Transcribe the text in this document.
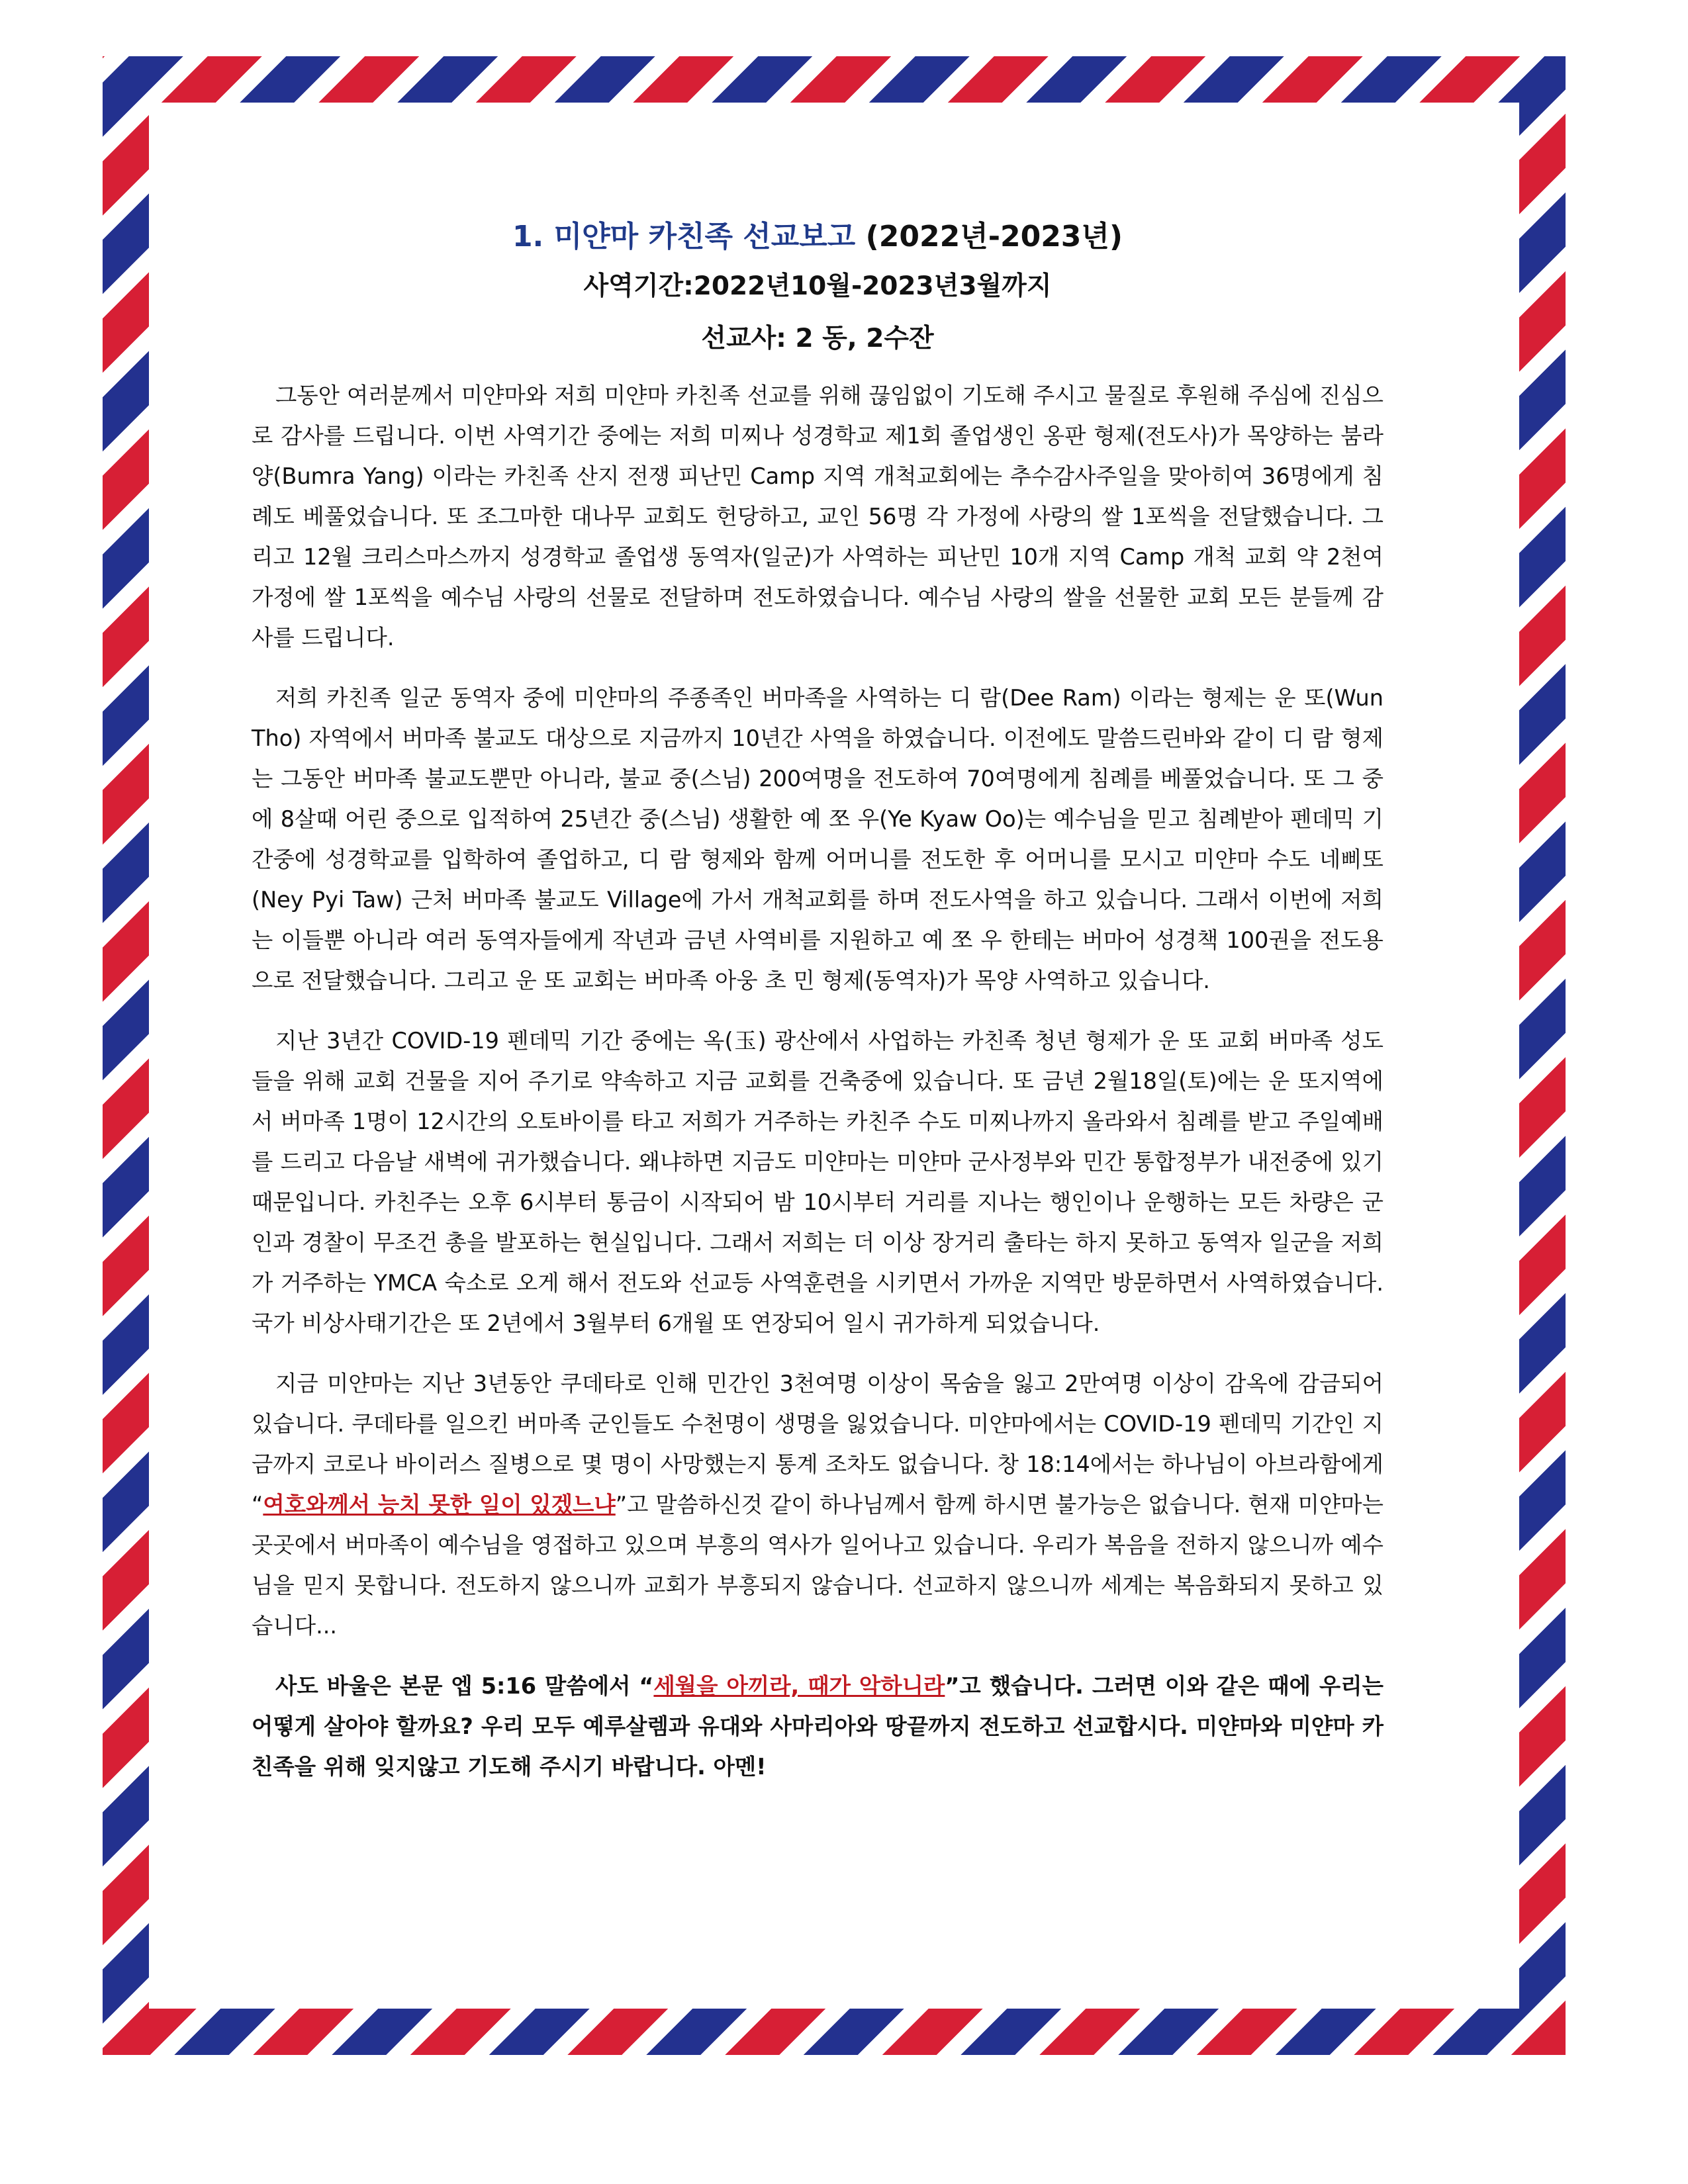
1. 미얀마 카친족 선교보고 (2022년-2023년)
사역기간:2022년10월-2023년3월까지
선교사: 2 동, 2수잔

그동안 여러분께서 미얀마와 저희 미얀마 카친족 선교를 위해 끊임없이 기도해 주시고 물질로 후원해 주심에 진심으로 감사를 드립니다. 이번 사역기간 중에는 저희 미찌나 성경학교 제1회 졸업생인 옹판 형제(전도사)가 목양하는 붐라 양(Bumra Yang) 이라는 카친족 산지 전쟁 피난민 Camp 지역 개척교회에는 추수감사주일을 맞아히여 36명에게 침례도 베풀었습니다. 또 조그마한 대나무 교회도 헌당하고, 교인 56명 각 가정에 사랑의 쌀 1포씩을 전달했습니다. 그리고 12월 크리스마스까지 성경학교 졸업생 동역자(일군)가 사역하는 피난민 10개 지역 Camp 개척 교회 약 2천여 가정에 쌀 1포씩을 예수님 사랑의 선물로 전달하며 전도하였습니다. 예수님 사랑의 쌀을 선물한 교회 모든 분들께 감사를 드립니다.

저희 카친족 일군 동역자 중에 미얀마의 주종족인 버마족을 사역하는 디 람(Dee Ram) 이라는 형제는 운 또(Wun Tho) 자역에서 버마족 불교도 대상으로 지금까지 10년간 사역을 하였습니다. 이전에도 말씀드린바와 같이 디 람 형제는 그동안 버마족 불교도뿐만 아니라, 불교 중(스님) 200여명을 전도하여 70여명에게 침례를 베풀었습니다. 또 그 중에 8살때 어린 중으로 입적하여 25년간 중(스님) 생활한 예 쪼 우(Ye Kyaw Oo)는 예수님을 믿고 침례받아 펜데믹 기간중에 성경학교를 입학하여 졸업하고, 디 람 형제와 함께 어머니를 전도한 후 어머니를 모시고 미얀마 수도 네삐또(Ney Pyi Taw) 근처 버마족 불교도 Village에 가서 개척교회를 하며 전도사역을 하고 있습니다. 그래서 이번에 저희는 이들뿐 아니라 여러 동역자들에게 작년과 금년 사역비를 지원하고 예 쪼 우 한테는 버마어 성경책 100권을 전도용으로 전달했습니다. 그리고 운 또 교회는 버마족 아웅 초 민 형제(동역자)가 목양 사역하고 있습니다.

지난 3년간 COVID-19 펜데믹 기간 중에는 옥(玉) 광산에서 사업하는 카친족 청년 형제가 운 또 교회 버마족 성도들을 위해 교회 건물을 지어 주기로 약속하고 지금 교회를 건축중에 있습니다. 또 금년 2월18일(토)에는 운 또지역에서 버마족 1명이 12시간의 오토바이를 타고 저희가 거주하는 카친주 수도 미찌나까지 올라와서 침례를 받고 주일예배를 드리고 다음날 새벽에 귀가했습니다. 왜냐하면 지금도 미얀마는 미얀마 군사정부와 민간 통합정부가 내전중에 있기 때문입니다. 카친주는 오후 6시부터 통금이 시작되어 밤 10시부터 거리를 지나는 행인이나 운행하는 모든 차량은 군인과 경찰이 무조건 총을 발포하는 현실입니다. 그래서 저희는 더 이상 장거리 출타는 하지 못하고 동역자 일군을 저희가 거주하는 YMCA 숙소로 오게 해서 전도와 선교등 사역훈련을 시키면서 가까운 지역만 방문하면서 사역하였습니다. 국가 비상사태기간은 또 2년에서 3월부터 6개월 또 연장되어 일시 귀가하게 되었습니다.

지금 미얀마는 지난 3년동안 쿠데타로 인해 민간인 3천여명 이상이 목숨을 잃고 2만여명 이상이 감옥에 감금되어 있습니다. 쿠데타를 일으킨 버마족 군인들도 수천명이 생명을 잃었습니다. 미얀마에서는 COVID-19 펜데믹 기간인 지금까지 코로나 바이러스 질병으로 몇 명이 사망했는지 통계 조차도 없습니다. 창 18:14에서는 하나님이 아브라함에게 “여호와께서 능치 못한 일이 있겠느냐”고 말씀하신것 같이 하나님께서 함께 하시면 불가능은 없습니다. 현재 미얀마는 곳곳에서 버마족이 예수님을 영접하고 있으며 부흥의 역사가 일어나고 있습니다. 우리가 복음을 전하지 않으니까 예수님을 믿지 못합니다. 전도하지 않으니까 교회가 부흥되지 않습니다. 선교하지 않으니까 세계는 복음화되지 못하고 있습니다...

사도 바울은 본문 엡 5:16 말씀에서 “세월을 아끼라, 때가 악하니라”고 했습니다. 그러면 이와 같은 때에 우리는 어떻게 살아야 할까요? 우리 모두 예루살렘과 유대와 사마리아와 땅끝까지 전도하고 선교합시다. 미얀마와 미얀마 카친족을 위해 잊지않고 기도해 주시기 바랍니다. 아멘!
